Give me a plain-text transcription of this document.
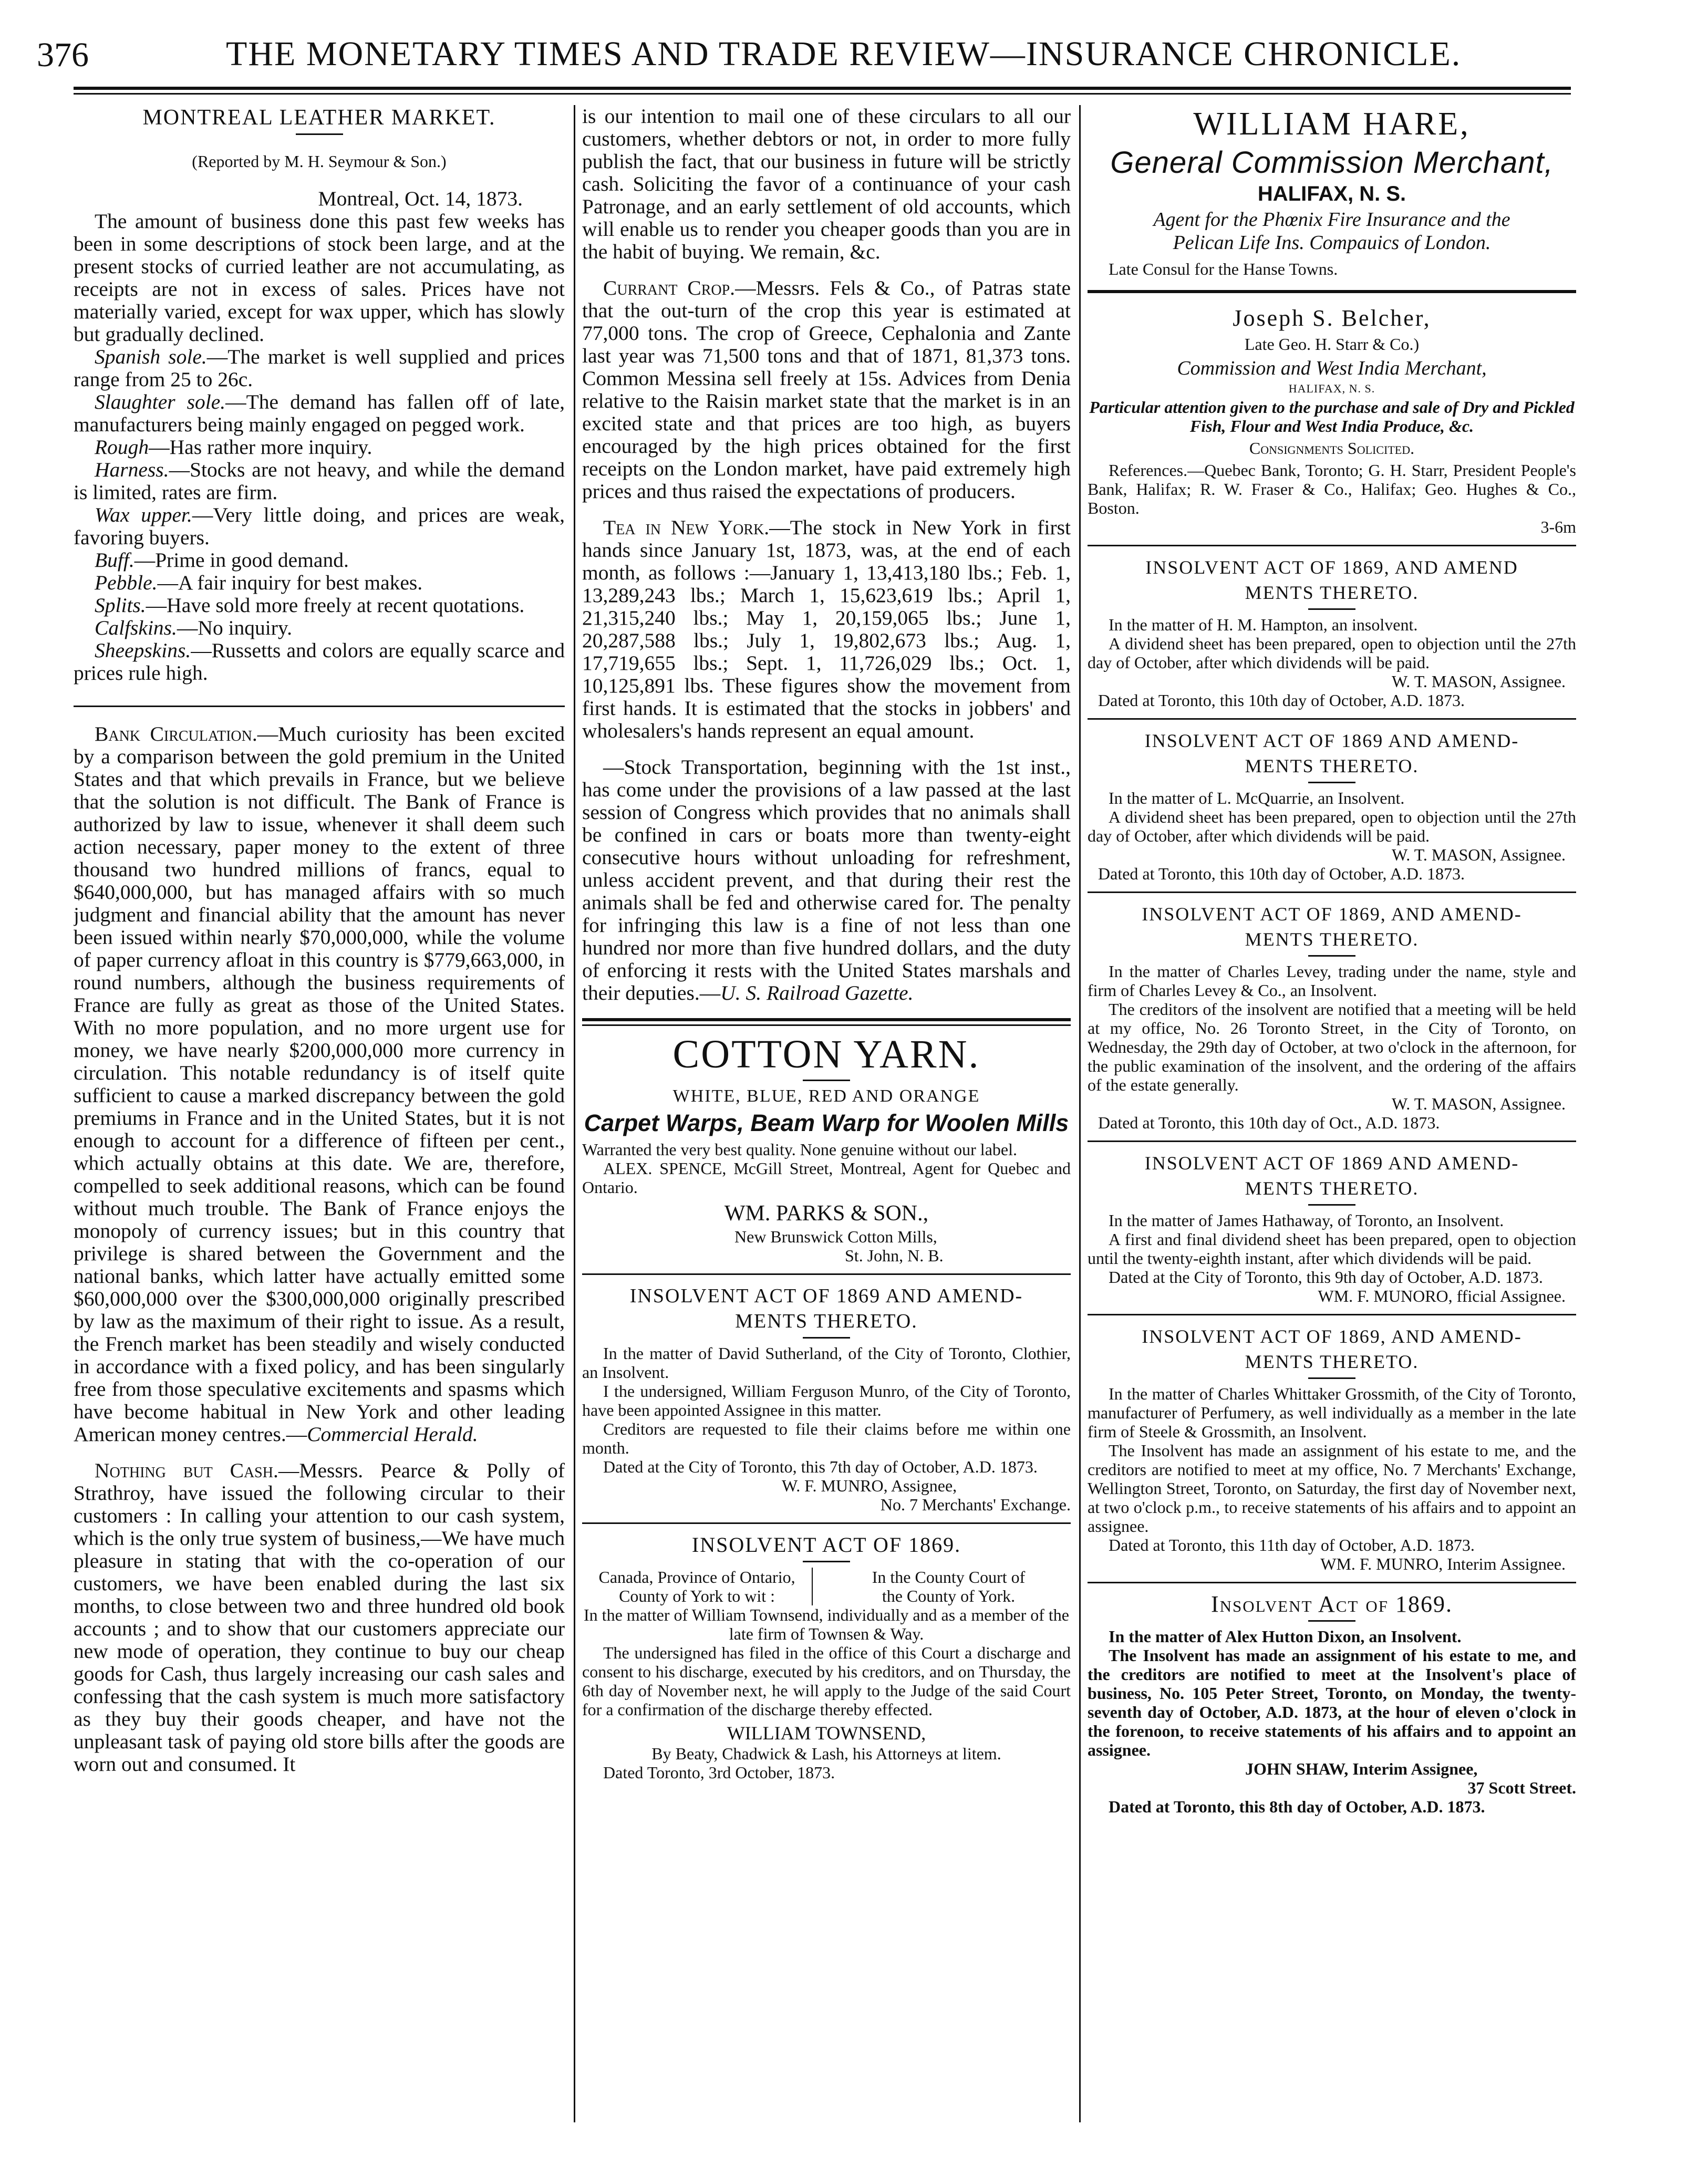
376	THE MONETARY TIMES AND TRADE REVIEW—INSURANCE CHRONICLE.

MONTREAL LEATHER MARKET.

(Reported by M. H. Seymour & Son.)

Montreal, Oct. 14, 1873.

The amount of business done this past few weeks has been in some descriptions of stock been large, and at the present stocks of curried leather are not accumulating, as receipts are not in excess of sales. Prices have not materially varied, except for wax upper, which has slowly but gradually declined.

Spanish sole.—The market is well supplied and prices range from 25 to 26c.

Slaughter sole.—The demand has fallen off of late, manufacturers being mainly engaged on pegged work.

Rough—Has rather more inquiry.

Harness.—Stocks are not heavy, and while the demand is limited, rates are firm.

Wax upper.—Very little doing, and prices are weak, favoring buyers.

Buff.—Prime in good demand.

Pebble.—A fair inquiry for best makes.

Splits.—Have sold more freely at recent quotations.

Calfskins.—No inquiry.

Sheepskins.—Russetts and colors are equally scarce and prices rule high.

Bank Circulation.—Much curiosity has been excited by a comparison between the gold premium in the United States and that which prevails in France, but we believe that the solution is not difficult. The Bank of France is authorized by law to issue, whenever it shall deem such action necessary, paper money to the extent of three thousand two hundred millions of francs, equal to $640,000,000, but has managed affairs with so much judgment and financial ability that the amount has never been issued within nearly $70,000,000, while the volume of paper currency afloat in this country is $779,663,000, in round numbers, although the business requirements of France are fully as great as those of the United States. With no more population, and no more urgent use for money, we have nearly $200,000,000 more currency in circulation. This notable redundancy is of itself quite sufficient to cause a marked discrepancy between the gold premiums in France and in the United States, but it is not enough to account for a difference of fifteen per cent., which actually obtains at this date. We are, therefore, compelled to seek additional reasons, which can be found without much trouble. The Bank of France enjoys the monopoly of currency issues; but in this country that privilege is shared between the Government and the national banks, which latter have actually emitted some $60,000,000 over the $300,000,000 originally prescribed by law as the maximum of their right to issue. As a result, the French market has been steadily and wisely conducted in accordance with a fixed policy, and has been singularly free from those speculative excitements and spasms which have become habitual in New York and other leading American money centres.—Commercial Herald.

Nothing but Cash.—Messrs. Pearce & Polly of Strathroy, have issued the following circular to their customers : In calling your attention to our cash system, which is the only true system of business,—We have much pleasure in stating that with the co-operation of our customers, we have been enabled during the last six months, to close between two and three hundred old book accounts ; and to show that our customers appreciate our new mode of operation, they continue to buy our cheap goods for Cash, thus largely increasing our cash sales and confessing that the cash system is much more satisfactory as they buy their goods cheaper, and have not the unpleasant task of paying old store bills after the goods are worn out and consumed. It

is our intention to mail one of these circulars to all our customers, whether debtors or not, in order to more fully publish the fact, that our business in future will be strictly cash. Soliciting the favor of a continuance of your cash Patronage, and an early settlement of old accounts, which will enable us to render you cheaper goods than you are in the habit of buying. We remain, &c.

Currant Crop.—Messrs. Fels & Co., of Patras state that the out-turn of the crop this year is estimated at 77,000 tons. The crop of Greece, Cephalonia and Zante last year was 71,500 tons and that of 1871, 81,373 tons. Common Messina sell freely at 15s. Advices from Denia relative to the Raisin market state that the market is in an excited state and that prices are too high, as buyers encouraged by the high prices obtained for the first receipts on the London market, have paid extremely high prices and thus raised the expectations of producers.

Tea in New York.—The stock in New York in first hands since January 1st, 1873, was, at the end of each month, as follows :—January 1, 13,413,180 lbs.; Feb. 1, 13,289,243 lbs.; March 1, 15,623,619 lbs.; April 1, 21,315,240 lbs.; May 1, 20,159,065 lbs.; June 1, 20,287,588 lbs.; July 1, 19,802,673 lbs.; Aug. 1, 17,719,655 lbs.; Sept. 1, 11,726,029 lbs.; Oct. 1, 10,125,891 lbs. These figures show the movement from first hands. It is estimated that the stocks in jobbers' and wholesalers's hands represent an equal amount.

—Stock Transportation, beginning with the 1st inst., has come under the provisions of a law passed at the last session of Congress which provides that no animals shall be confined in cars or boats more than twenty-eight consecutive hours without unloading for refreshment, unless accident prevent, and that during their rest the animals shall be fed and otherwise cared for. The penalty for infringing this law is a fine of not less than one hundred nor more than five hundred dollars, and the duty of enforcing it rests with the United States marshals and their deputies.—U. S. Railroad Gazette.

COTTON YARN.

WHITE, BLUE, RED AND ORANGE

Carpet Warps, Beam Warp for Woolen Mills

Warranted the very best quality. None genuine without our label.

ALEX. SPENCE, McGill Street, Montreal, Agent for Quebec and Ontario.

WM. PARKS & SON.,

New Brunswick Cotton Mills,

St. John, N. B.

INSOLVENT ACT OF 1869 AND AMEND-

MENTS THERETO.

In the matter of David Sutherland, of the City of Toronto, Clothier, an Insolvent.

I the undersigned, William Ferguson Munro, of the City of Toronto, have been appointed Assignee in this matter.

Creditors are requested to file their claims before me within one month.

Dated at the City of Toronto, this 7th day of October, A.D. 1873.

W. F. MUNRO, Assignee,

No. 7 Merchants' Exchange.

INSOLVENT ACT OF 1869.

Canada, Province of Ontario,
County of York to wit :
In the County Court of
the County of York.

In the matter of William Townsend, individually and as a member of the late firm of Townsen & Way.

The undersigned has filed in the office of this Court a discharge and consent to his discharge, executed by his creditors, and on Thursday, the 6th day of November next, he will apply to the Judge of the said Court for a confirmation of the discharge thereby effected.

WILLIAM TOWNSEND,

By Beaty, Chadwick & Lash, his Attorneys at litem.

Dated Toronto, 3rd October, 1873.

WILLIAM HARE,

General Commission Merchant,

HALIFAX, N. S.

Agent for the Phœnix Fire Insurance and the

Pelican Life Ins. Compauics of London.

Late Consul for the Hanse Towns.

Joseph S. Belcher,

Late Geo. H. Starr & Co.)

Commission and West India Merchant,

HALIFAX, N. S.

Particular attention given to the purchase and sale of Dry and Pickled Fish, Flour and West India Produce, &c.

Consignments Solicited.

References.—Quebec Bank, Toronto; G. H. Starr, President People's Bank, Halifax; R. W. Fraser & Co., Halifax; Geo. Hughes & Co., Boston.

3-6m

INSOLVENT ACT OF 1869, AND AMEND

MENTS THERETO.

In the matter of H. M. Hampton, an insolvent.

A dividend sheet has been prepared, open to objection until the 27th day of October, after which dividends will be paid.

W. T. MASON, Assignee.

Dated at Toronto, this 10th day of October, A.D. 1873.

INSOLVENT ACT OF 1869 AND AMEND-

MENTS THERETO.

In the matter of L. McQuarrie, an Insolvent.

A dividend sheet has been prepared, open to objection until the 27th day of October, after which dividends will be paid.

W. T. MASON, Assignee.

Dated at Toronto, this 10th day of October, A.D. 1873.

INSOLVENT ACT OF 1869, AND AMEND-

MENTS THERETO.

In the matter of Charles Levey, trading under the name, style and firm of Charles Levey & Co., an Insolvent.

The creditors of the insolvent are notified that a meeting will be held at my office, No. 26 Toronto Street, in the City of Toronto, on Wednesday, the 29th day of October, at two o'clock in the afternoon, for the public examination of the insolvent, and the ordering of the affairs of the estate generally.

W. T. MASON, Assignee.

Dated at Toronto, this 10th day of Oct., A.D. 1873.

INSOLVENT ACT OF 1869 AND AMEND-

MENTS THERETO.

In the matter of James Hathaway, of Toronto, an Insolvent.

A first and final dividend sheet has been prepared, open to objection until the twenty-eighth instant, after which dividends will be paid.

Dated at the City of Toronto, this 9th day of October, A.D. 1873.

WM. F. MUNORO, fficial Assignee.

INSOLVENT ACT OF 1869, AND AMEND-

MENTS THERETO.

In the matter of Charles Whittaker Grossmith, of the City of Toronto, manufacturer of Perfumery, as well individually as a member in the late firm of Steele & Grossmith, an Insolvent.

The Insolvent has made an assignment of his estate to me, and the creditors are notified to meet at my office, No. 7 Merchants' Exchange, Wellington Street, Toronto, on Saturday, the first day of November next, at two o'clock p.m., to receive statements of his affairs and to appoint an assignee.

Dated at Toronto, this 11th day of October, A.D. 1873.

WM. F. MUNRO, Interim Assignee.

Insolvent Act of 1869.

In the matter of Alex Hutton Dixon, an Insolvent.

The Insolvent has made an assignment of his estate to me, and the creditors are notified to meet at the Insolvent's place of business, No. 105 Peter Street, Toronto, on Monday, the twenty-seventh day of October, A.D. 1873, at the hour of eleven o'clock in the forenoon, to receive statements of his affairs and to appoint an assignee.

JOHN SHAW, Interim Assignee,

37 Scott Street.

Dated at Toronto, this 8th day of October, A.D. 1873.
